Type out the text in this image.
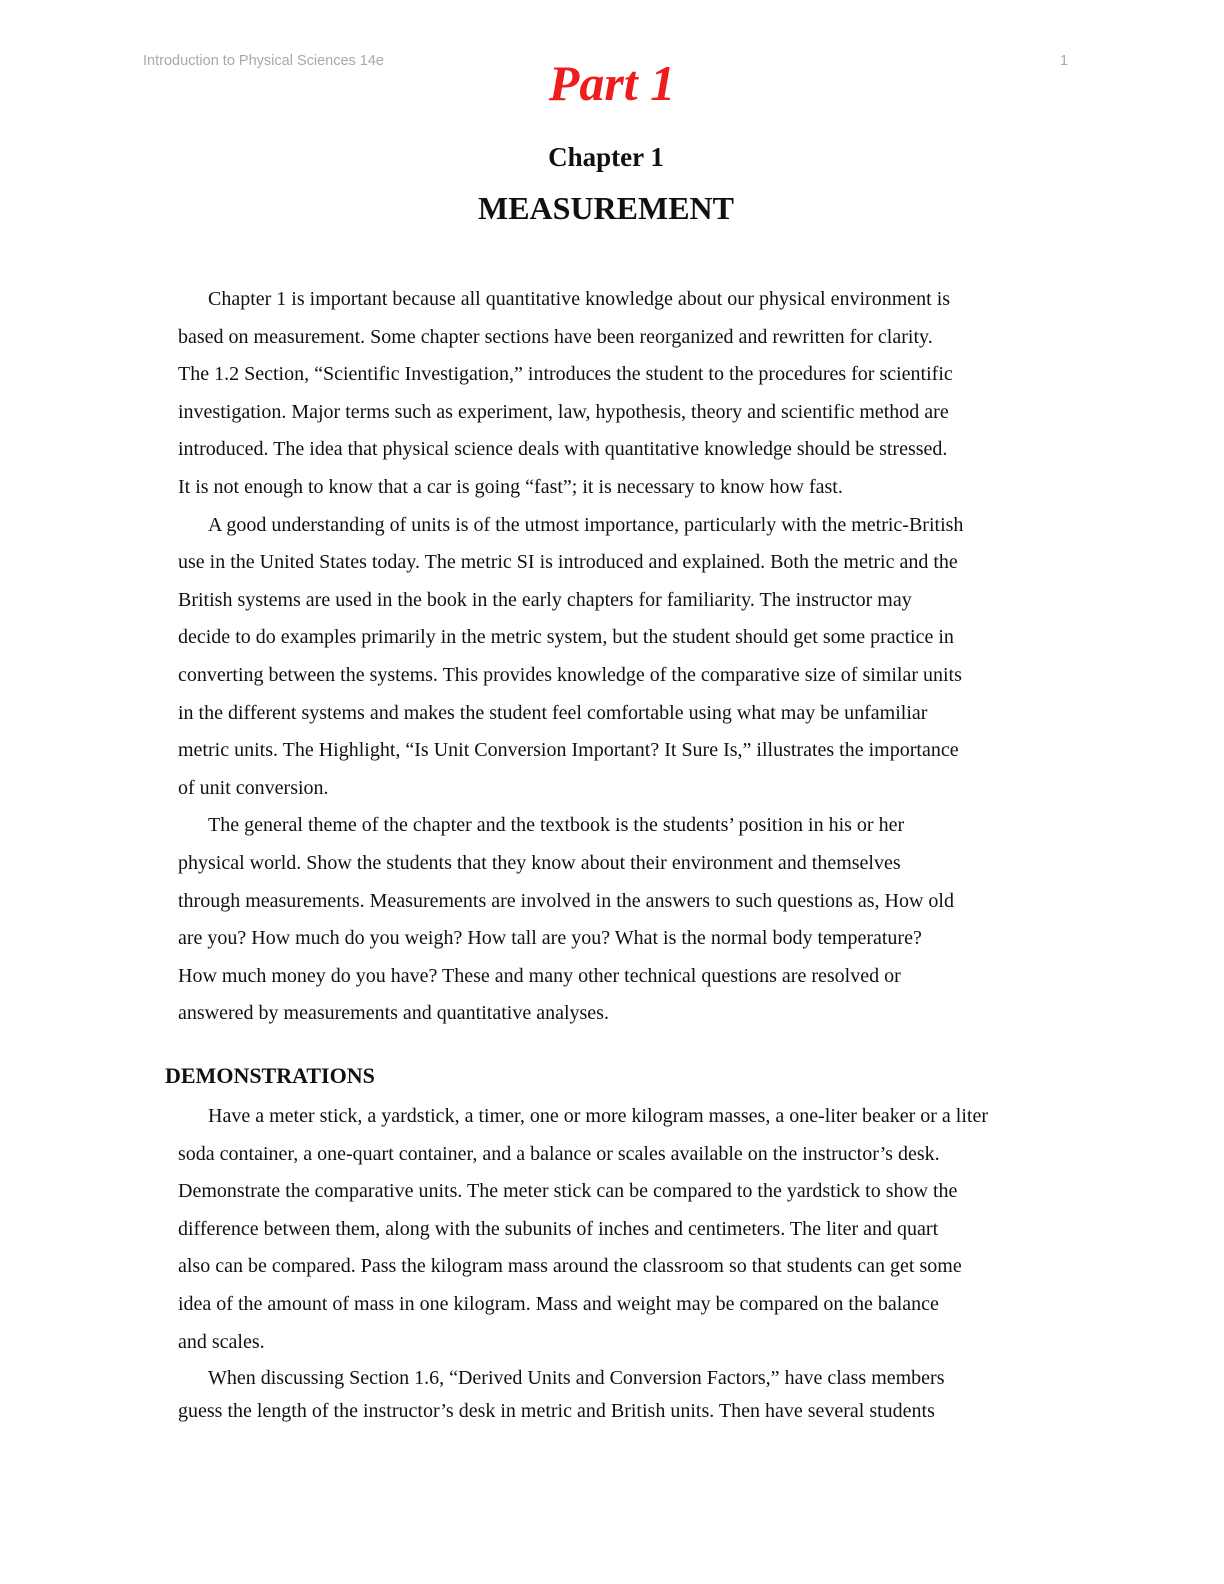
Introduction to Physical Sciences 14e	1
Part 1
Chapter 1
MEASUREMENT
Chapter 1 is important because all quantitative knowledge about our physical environment is
based on measurement. Some chapter sections have been reorganized and rewritten for clarity.
The 1.2 Section, “Scientific Investigation,” introduces the student to the procedures for scientific
investigation. Major terms such as experiment, law, hypothesis, theory and scientific method are
introduced. The idea that physical science deals with quantitative knowledge should be stressed.
It is not enough to know that a car is going “fast”; it is necessary to know how fast.
A good understanding of units is of the utmost importance, particularly with the metric-British
use in the United States today. The metric SI is introduced and explained. Both the metric and the
British systems are used in the book in the early chapters for familiarity. The instructor may
decide to do examples primarily in the metric system, but the student should get some practice in
converting between the systems. This provides knowledge of the comparative size of similar units
in the different systems and makes the student feel comfortable using what may be unfamiliar
metric units. The Highlight, “Is Unit Conversion Important? It Sure Is,” illustrates the importance
of unit conversion.
The general theme of the chapter and the textbook is the students’ position in his or her
physical world. Show the students that they know about their environment and themselves
through measurements. Measurements are involved in the answers to such questions as, How old
are you? How much do you weigh? How tall are you? What is the normal body temperature?
How much money do you have? These and many other technical questions are resolved or
answered by measurements and quantitative analyses.
DEMONSTRATIONS
Have a meter stick, a yardstick, a timer, one or more kilogram masses, a one-liter beaker or a liter
soda container, a one-quart container, and a balance or scales available on the instructor’s desk.
Demonstrate the comparative units. The meter stick can be compared to the yardstick to show the
difference between them, along with the subunits of inches and centimeters. The liter and quart
also can be compared. Pass the kilogram mass around the classroom so that students can get some
idea of the amount of mass in one kilogram. Mass and weight may be compared on the balance
and scales.
When discussing Section 1.6, “Derived Units and Conversion Factors,” have class members
guess the length of the instructor’s desk in metric and British units. Then have several students
